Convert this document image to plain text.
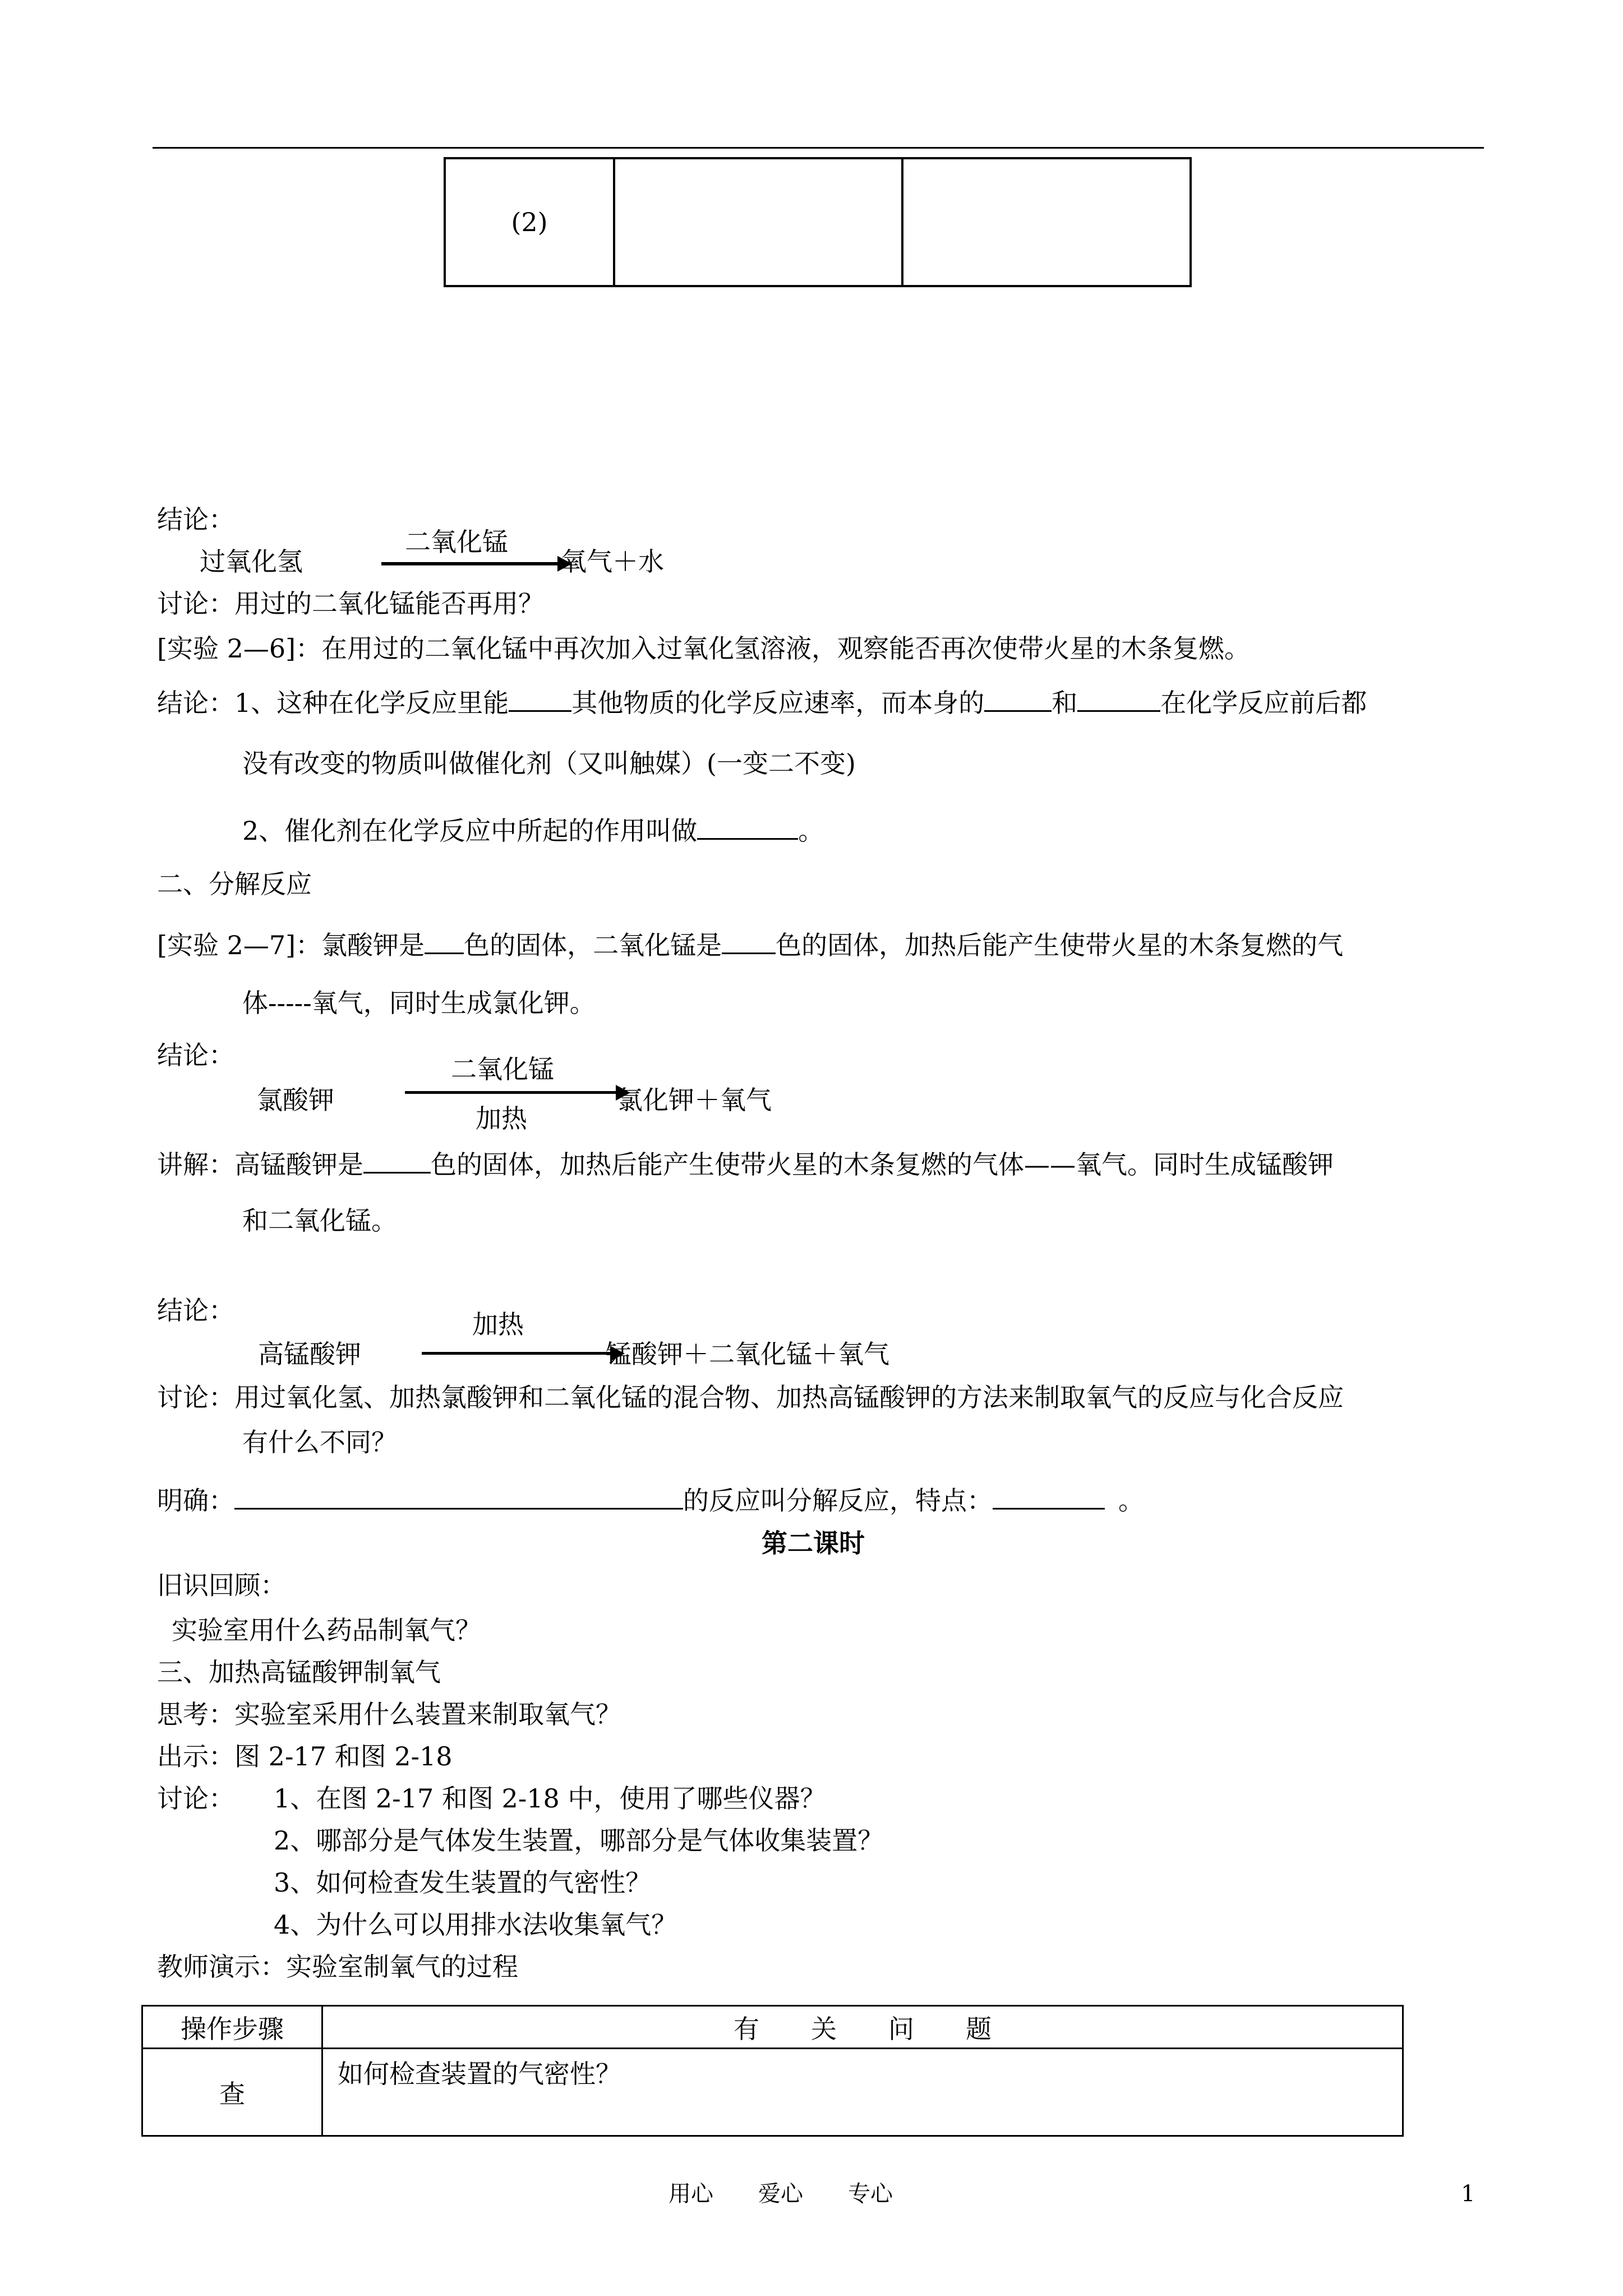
(2)		
结论：
过氧化氢
二氧化锰
氧气＋水
讨论：用过的二氧化锰能否再用？
[实验 2—6]：在用过的二氧化锰中再次加入过氧化氢溶液，观察能否再次使带火星的木条复燃。
结论：1、这种在化学反应里能 其他物质的化学反应速率，而本身的	和	在化学反应前后都
没有改变的物质叫做催化剂（又叫触媒）(一变二不变)
2、催化剂在化学反应中所起的作用叫做	。
二、分解反应
[实验 2—7]：氯酸钾是 色的固体，二氧化锰是 色的固体，加热后能产生使带火星的木条复燃的气
体-----氧气，同时生成氯化钾。
结论：	二氧化锰
氯酸钾	氯化钾＋氧气
加热
讲解：高锰酸钾是	色的固体，加热后能产生使带火星的木条复燃的气体——氧气。同时生成锰酸钾
和二氧化锰。
结论：	加热
高锰酸钾	锰酸钾＋二氧化锰＋氧气
讨论：用过氧化氢、加热氯酸钾和二氧化锰的混合物、加热高锰酸钾的方法来制取氧气的反应与化合反应
有什么不同？
明确：	的反应叫分解反应，特点：	。
第二课时
旧识回顾：
实验室用什么药品制氧气？
三、加热高锰酸钾制氧气
思考：实验室采用什么装置来制取氧气？
出示：图 2-17 和图 2-18
讨论： 1、在图 2-17 和图 2-18 中，使用了哪些仪器？
2、哪部分是气体发生装置，哪部分是气体收集装置？
3、如何检查发生装置的气密性？
4、为什么可以用排水法收集氧气？
教师演示：实验室制氧气的过程
操作步骤	有　　关　　问　　题
查	如何检查装置的气密性？
用心　　爱心　　专心	1
